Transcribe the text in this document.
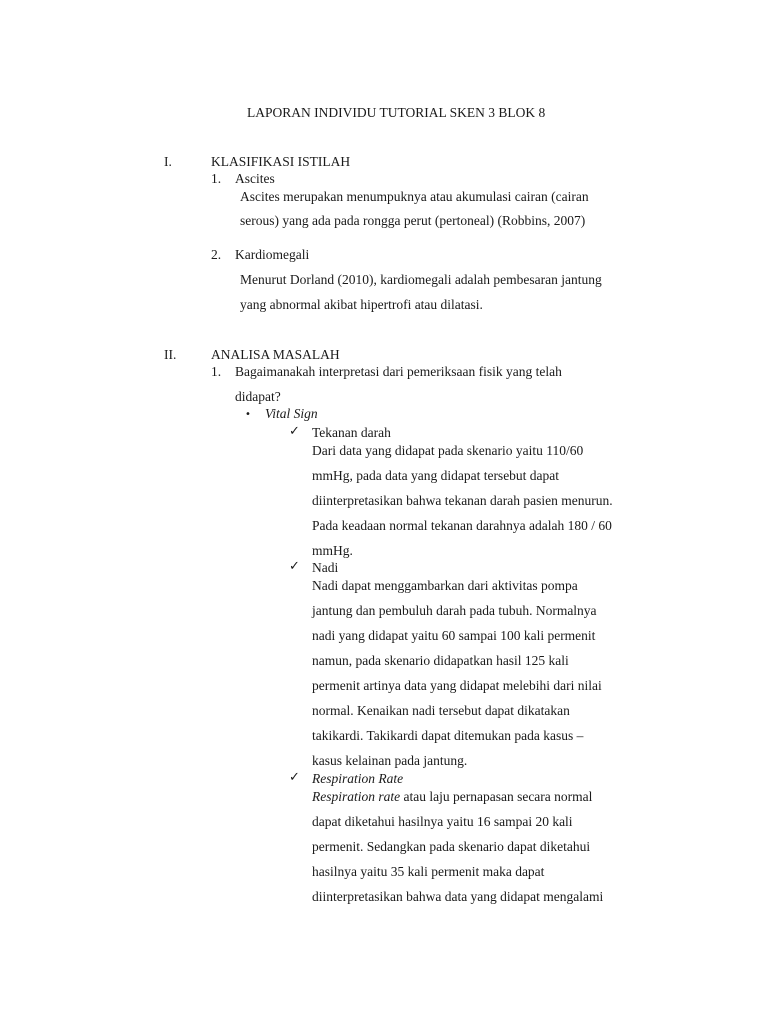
LAPORAN INDIVIDU TUTORIAL SKEN 3 BLOK 8
I.	KLASIFIKASI ISTILAH
1. Ascites
Ascites merupakan menumpuknya atau akumulasi cairan (cairan
serous) yang ada pada rongga perut (pertoneal) (Robbins, 2007)
2. Kardiomegali
Menurut Dorland (2010), kardiomegali adalah pembesaran jantung
yang abnormal akibat hipertrofi atau dilatasi.
II.	ANALISA MASALAH
1. Bagaimanakah interpretasi dari pemeriksaan fisik yang telah
didapat?
• Vital Sign
✓ Tekanan darah
Dari data yang didapat pada skenario yaitu 110/60
mmHg, pada data yang didapat tersebut dapat
diinterpretasikan bahwa tekanan darah pasien menurun.
Pada keadaan normal tekanan darahnya adalah 180 / 60
mmHg.
✓ Nadi
Nadi dapat menggambarkan dari aktivitas pompa
jantung dan pembuluh darah pada tubuh. Normalnya
nadi yang didapat yaitu 60 sampai 100 kali permenit
namun, pada skenario didapatkan hasil 125 kali
permenit artinya data yang didapat melebihi dari nilai
normal. Kenaikan nadi tersebut dapat dikatakan
takikardi. Takikardi dapat ditemukan pada kasus –
kasus kelainan pada jantung.
✓ Respiration Rate
Respiration rate atau laju pernapasan secara normal
dapat diketahui hasilnya yaitu 16 sampai 20 kali
permenit. Sedangkan pada skenario dapat diketahui
hasilnya yaitu 35 kali permenit maka dapat
diinterpretasikan bahwa data yang didapat mengalami
